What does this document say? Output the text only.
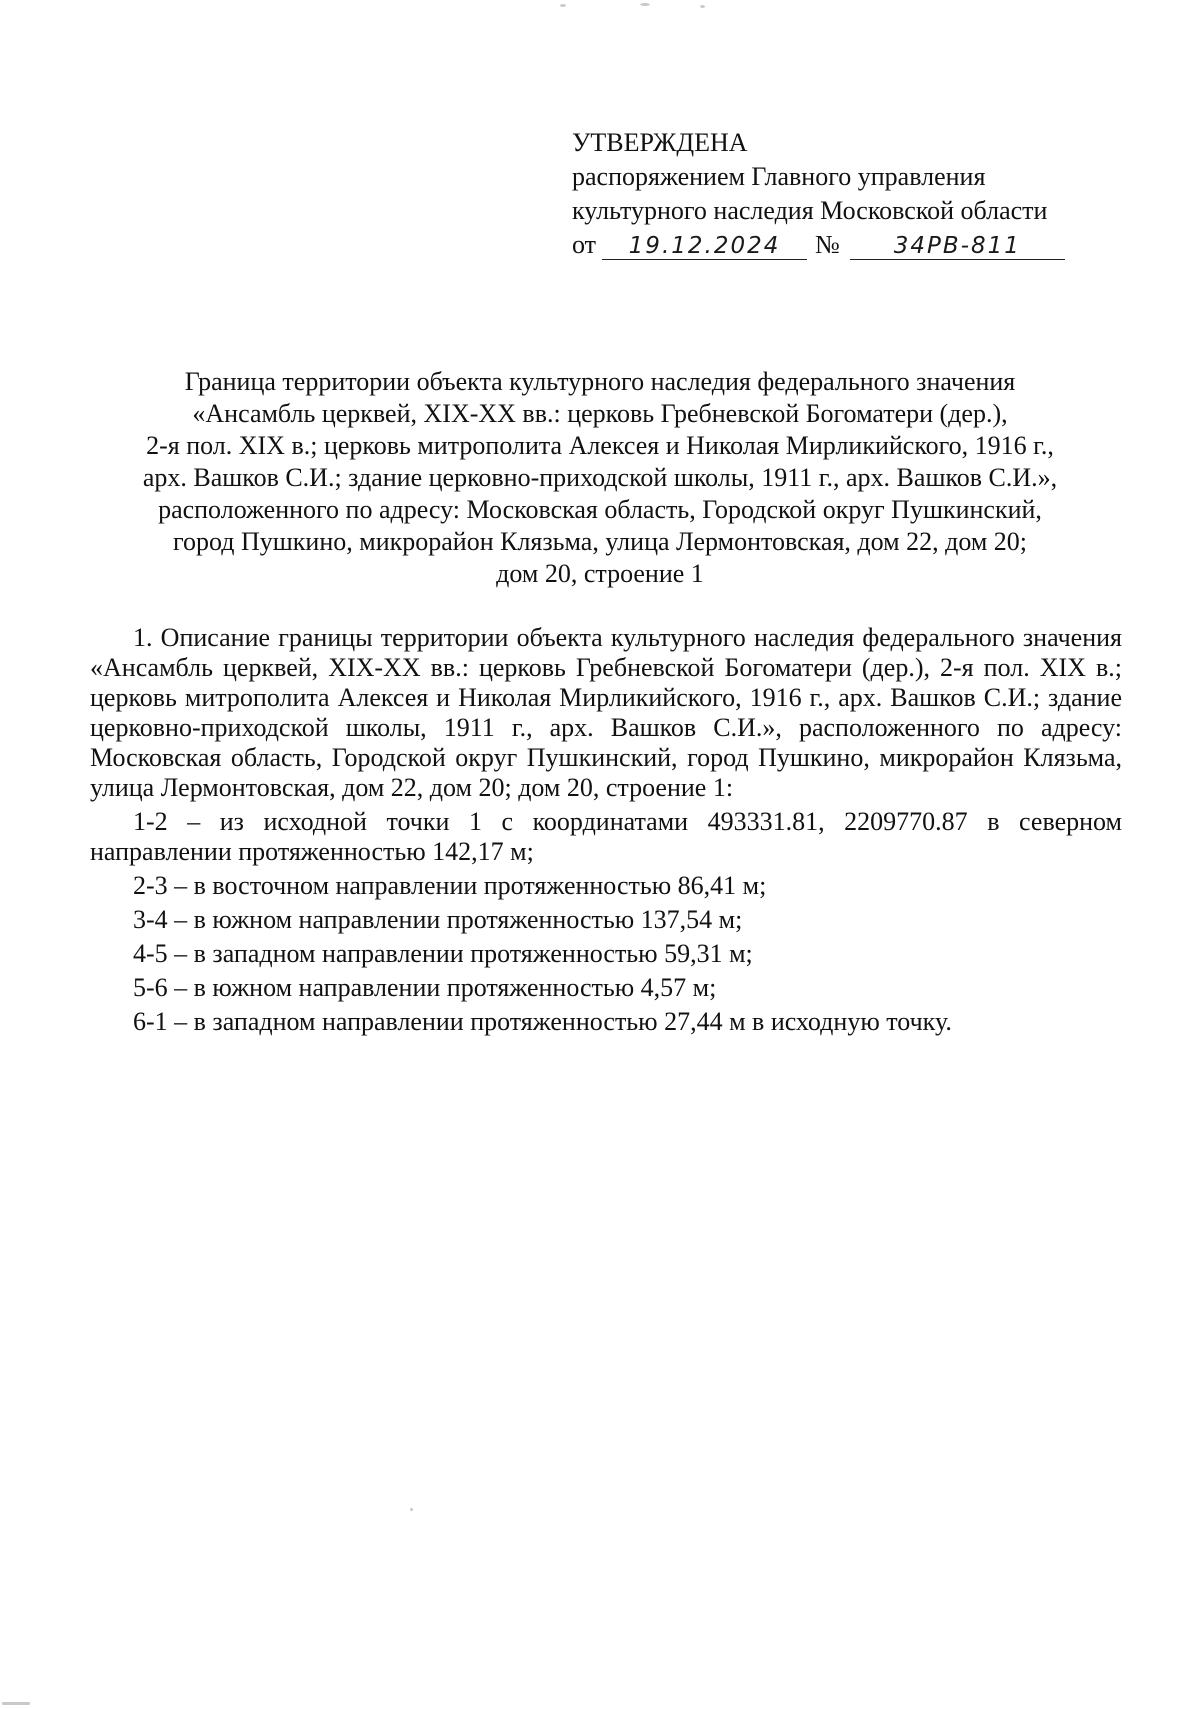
УТВЕРЖДЕНА
распоряжением Главного управления
культурного наследия Московской области
от 19.12.2024 № 34РВ-811
Граница территории объекта культурного наследия федерального значения
«Ансамбль церквей, XIX-XX вв.: церковь Гребневской Богоматери (дер.),
2-я пол. XIX в.; церковь митрополита Алексея и Николая Мирликийского, 1916 г.,
арх. Вашков С.И.; здание церковно-приходской школы, 1911 г., арх. Вашков С.И.»,
расположенного по адресу: Московская область, Городской округ Пушкинский,
город Пушкино, микрорайон Клязьма, улица Лермонтовская, дом 22, дом 20;
дом 20, строение 1

1. Описание границы территории объекта культурного наследия федерального значения «Ансамбль церквей, XIX-XX вв.: церковь Гребневской Богоматери (дер.), 2-я пол. XIX в.; церковь митрополита Алексея и Николая Мирликийского, 1916 г., арх. Вашков С.И.; здание церковно-приходской школы, 1911 г., арх. Вашков С.И.», расположенного по адресу: Московская область, Городской округ Пушкинский, город Пушкино, микрорайон Клязьма, улица Лермонтовская, дом 22, дом 20; дом 20, строение 1:

1-2 – из исходной точки 1 с координатами 493331.81, 2209770.87 в северном направлении протяженностью 142,17 м;

2-3 – в восточном направлении протяженностью 86,41 м;

3-4 – в южном направлении протяженностью 137,54 м;

4-5 – в западном направлении протяженностью 59,31 м;

5-6 – в южном направлении протяженностью 4,57 м;

6-1 – в западном направлении протяженностью 27,44 м в исходную точку.
